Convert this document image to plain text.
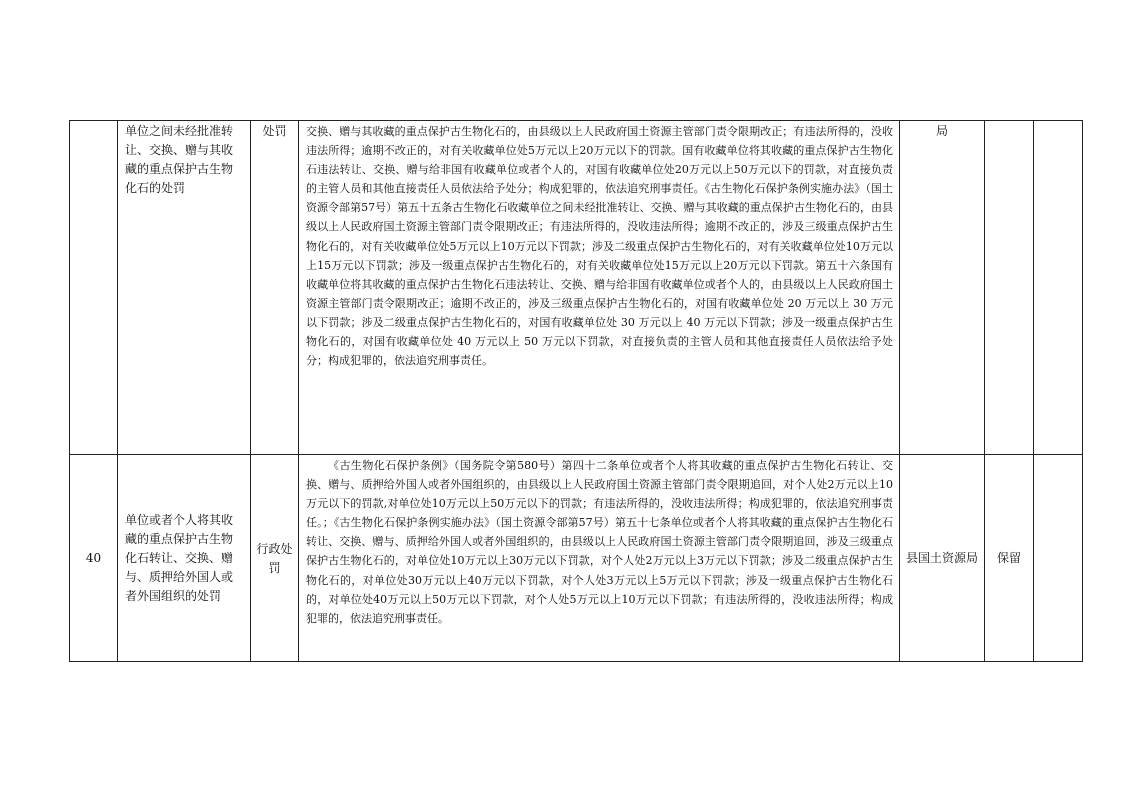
	单位之间未经批准转让、交换、赠与其收藏的重点保护古生物化石的处罚	处罚	交换、赠与其收藏的重点保护古生物化石的，由县级以上人民政府国土资源主管部门责令限期改正；有违法所得的，没收违法所得；逾期不改正的，对有关收藏单位处5万元以上20万元以下的罚款。国有收藏单位将其收藏的重点保护古生物化石违法转让、交换、赠与给非国有收藏单位或者个人的，对国有收藏单位处20万元以上50万元以下的罚款，对直接负责的主管人员和其他直接责任人员依法给予处分；构成犯罪的，依法追究刑事责任。《古生物化石保护条例实施办法》（国土资源令部第57号）第五十五条古生物化石收藏单位之间未经批准转让、交换、赠与其收藏的重点保护古生物化石的，由县级以上人民政府国土资源主管部门责令限期改正；有违法所得的，没收违法所得；逾期不改正的，涉及三级重点保护古生物化石的，对有关收藏单位处5万元以上10万元以下罚款；涉及二级重点保护古生物化石的，对有关收藏单位处10万元以上15万元以下罚款；涉及一级重点保护古生物化石的，对有关收藏单位处15万元以上20万元以下罚款。第五十六条国有收藏单位将其收藏的重点保护古生物化石违法转让、交换、赠与给非国有收藏单位或者个人的，由县级以上人民政府国土资源主管部门责令限期改正；逾期不改正的，涉及三级重点保护古生物化石的，对国有收藏单位处 20 万元以上 30 万元以下罚款；涉及二级重点保护古生物化石的，对国有收藏单位处 30 万元以上 40 万元以下罚款；涉及一级重点保护古生物化石的，对国有收藏单位处 40 万元以上 50 万元以下罚款，对直接负责的主管人员和其他直接责任人员依法给予处分；构成犯罪的，依法追究刑事责任。	局		
40	单位或者个人将其收藏的重点保护古生物化石转让、交换、赠与、质押给外国人或者外国组织的处罚	行政处罚	《古生物化石保护条例》（国务院令第580号）第四十二条单位或者个人将其收藏的重点保护古生物化石转让、交换、赠与、质押给外国人或者外国组织的，由县级以上人民政府国土资源主管部门责令限期追回，对个人处2万元以上10万元以下的罚款,对单位处10万元以上50万元以下的罚款；有违法所得的，没收违法所得；构成犯罪的，依法追究刑事责任。；《古生物化石保护条例实施办法》（国土资源令部第57号）第五十七条单位或者个人将其收藏的重点保护古生物化石转让、交换、赠与、质押给外国人或者外国组织的，由县级以上人民政府国土资源主管部门责令限期追回，涉及三级重点保护古生物化石的，对单位处10万元以上30万元以下罚款，对个人处2万元以上3万元以下罚款；涉及二级重点保护古生物化石的，对单位处30万元以上40万元以下罚款，对个人处3万元以上5万元以下罚款；涉及一级重点保护古生物化石的，对单位处40万元以上50万元以下罚款，对个人处5万元以上10万元以下罚款；有违法所得的，没收违法所得；构成犯罪的，依法追究刑事责任。	县国土资源局	保留	
